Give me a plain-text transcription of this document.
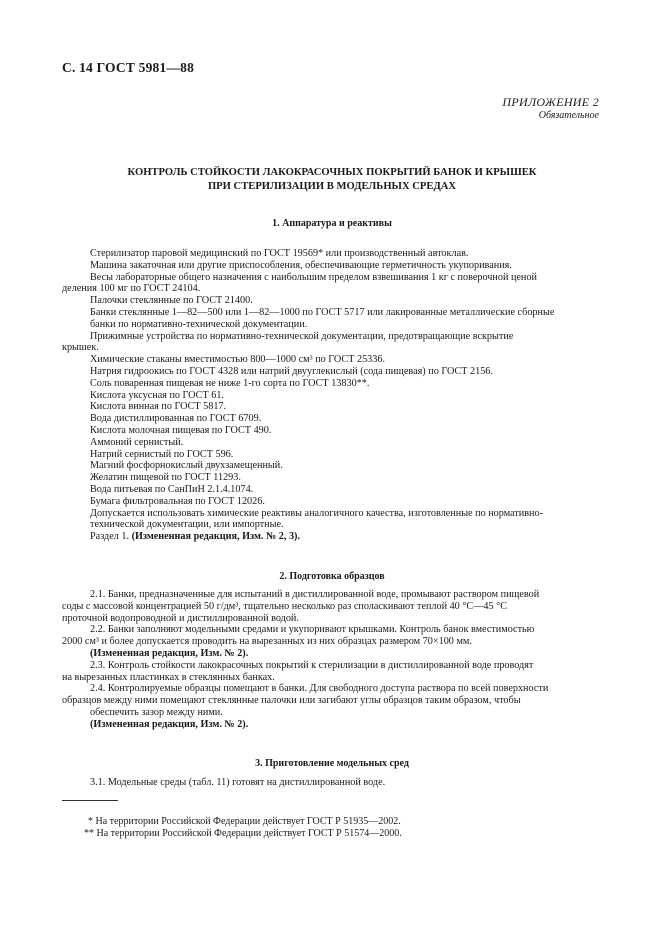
С. 14 ГОСТ 5981—88
ПРИЛОЖЕНИЕ 2
Обязательное
КОНТРОЛЬ СТОЙКОСТИ ЛАКОКРАСОЧНЫХ ПОКРЫТИЙ БАНОК И КРЫШЕК
ПРИ СТЕРИЛИЗАЦИИ В МОДЕЛЬНЫХ СРЕДАХ
1. Аппаратура и реактивы

Стерилизатор паровой медицинский по ГОСТ 19569* или производственный автоклав.

Машина закаточная или другие приспособления, обеспечивающие герметичность укупоривания.

Весы лабораторные общего назначения с наибольшим пределом взвешивания 1 кг с поверочной ценой

деления 100 мг по ГОСТ 24104.

Палочки стеклянные по ГОСТ 21400.

Банки стеклянные 1—82—500 или 1—82—1000 по ГОСТ 5717 или лакированные металлические сборные

банки по нормативно-технической документации.

Прижимные устройства по нормативно-технической документации, предотвращающие вскрытие

крышек.

Химические стаканы вместимостью 800—1000 см³ по ГОСТ 25336.

Натрия гидроокись по ГОСТ 4328 или натрий двууглекислый (сода пищевая) по ГОСТ 2156.

Соль поваренная пищевая не ниже 1-го сорта по ГОСТ 13830**.

Кислота уксусная по ГОСТ 61.

Кислота винная по ГОСТ 5817.

Вода дистиллированная по ГОСТ 6709.

Кислота молочная пищевая по ГОСТ 490.

Аммоний сернистый.

Натрий сернистый по ГОСТ 596.

Магний фосфорнокислый двухзамещенный.

Желатин пищевой по ГОСТ 11293.

Вода питьевая по СанПиН 2.1.4.1074.

Бумага фильтровальная по ГОСТ 12026.

Допускается использовать химические реактивы аналогичного качества, изготовленные по нормативно-

технической документации, или импортные.

Раздел 1. (Измененная редакция, Изм. № 2, 3).

2. Подготовка образцов

2.1. Банки, предназначенные для испытаний в дистиллированной воде, промывают раствором пищевой

соды с массовой концентрацией 50 г/дм³, тщательно несколько раз споласкивают теплой 40 °С—45 °С

проточной водопроводной и дистиллированной водой.

2.2. Банки заполняют модельными средами и укупоривают крышками. Контроль банок вместимостью

2000 см³ и более допускается проводить на вырезанных из них образцах размером 70×100 мм.

(Измененная редакция, Изм. № 2).

2.3. Контроль стойкости лакокрасочных покрытий к стерилизации в дистиллированной воде проводят

на вырезанных пластинках в стеклянных банках.

2.4. Контролируемые образцы помещают в банки. Для свободного доступа раствора по всей поверхности

образцов между ними помещают стеклянные палочки или загибают углы образцов таким образом, чтобы

обеспечить зазор между ними.

(Измененная редакция, Изм. № 2).

3. Приготовление модельных сред

3.1. Модельные среды (табл. 11) готовят на дистиллированной воде.

* На территории Российской Федерации действует ГОСТ Р 51935—2002.

** На территории Российской Федерации действует ГОСТ Р 51574—2000.
